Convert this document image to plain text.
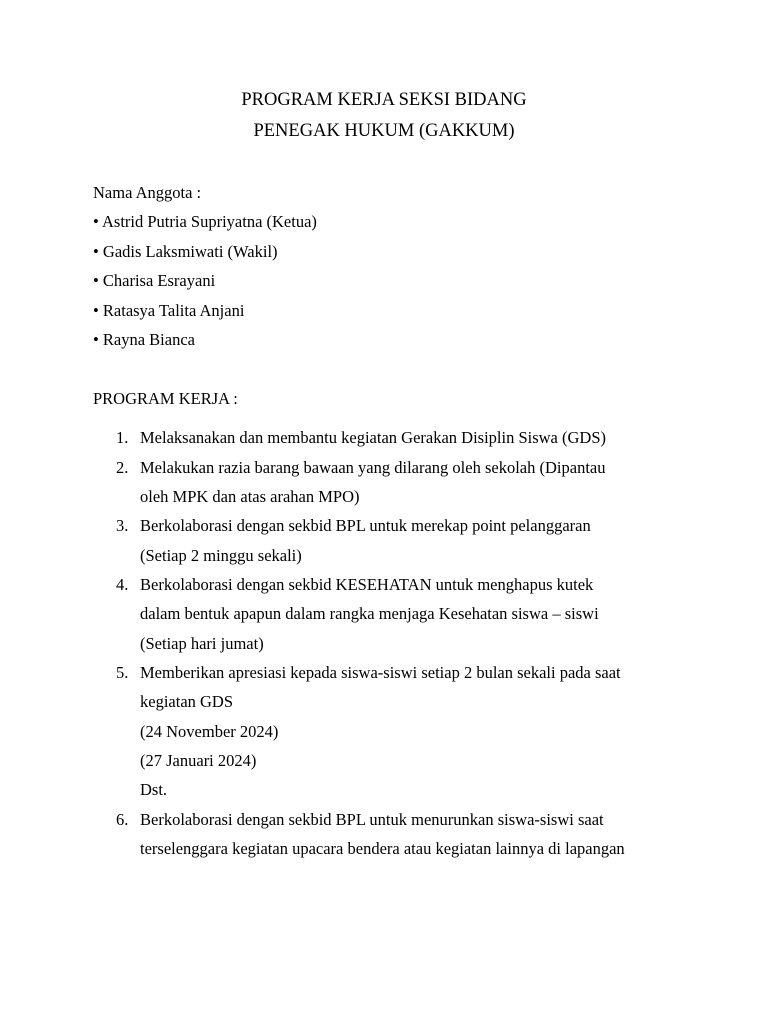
PROGRAM KERJA SEKSI BIDANG
PENEGAK HUKUM (GAKKUM)
Nama Anggota :
• Astrid Putria Supriyatna (Ketua)
• Gadis Laksmiwati (Wakil)
• Charisa Esrayani
• Ratasya Talita Anjani
• Rayna Bianca
PROGRAM KERJA :
1. Melaksanakan dan membantu kegiatan Gerakan Disiplin Siswa (GDS)
2. Melakukan razia barang bawaan yang dilarang oleh sekolah (Dipantau
oleh MPK dan atas arahan MPO)
3. Berkolaborasi dengan sekbid BPL untuk merekap point pelanggaran
(Setiap 2 minggu sekali)
4. Berkolaborasi dengan sekbid KESEHATAN untuk menghapus kutek
dalam bentuk apapun dalam rangka menjaga Kesehatan siswa – siswi
(Setiap hari jumat)
5. Memberikan apresiasi kepada siswa-siswi setiap 2 bulan sekali pada saat
kegiatan GDS
(24 November 2024)
(27 Januari 2024)
Dst.
6. Berkolaborasi dengan sekbid BPL untuk menurunkan siswa-siswi saat
terselenggara kegiatan upacara bendera atau kegiatan lainnya di lapangan
